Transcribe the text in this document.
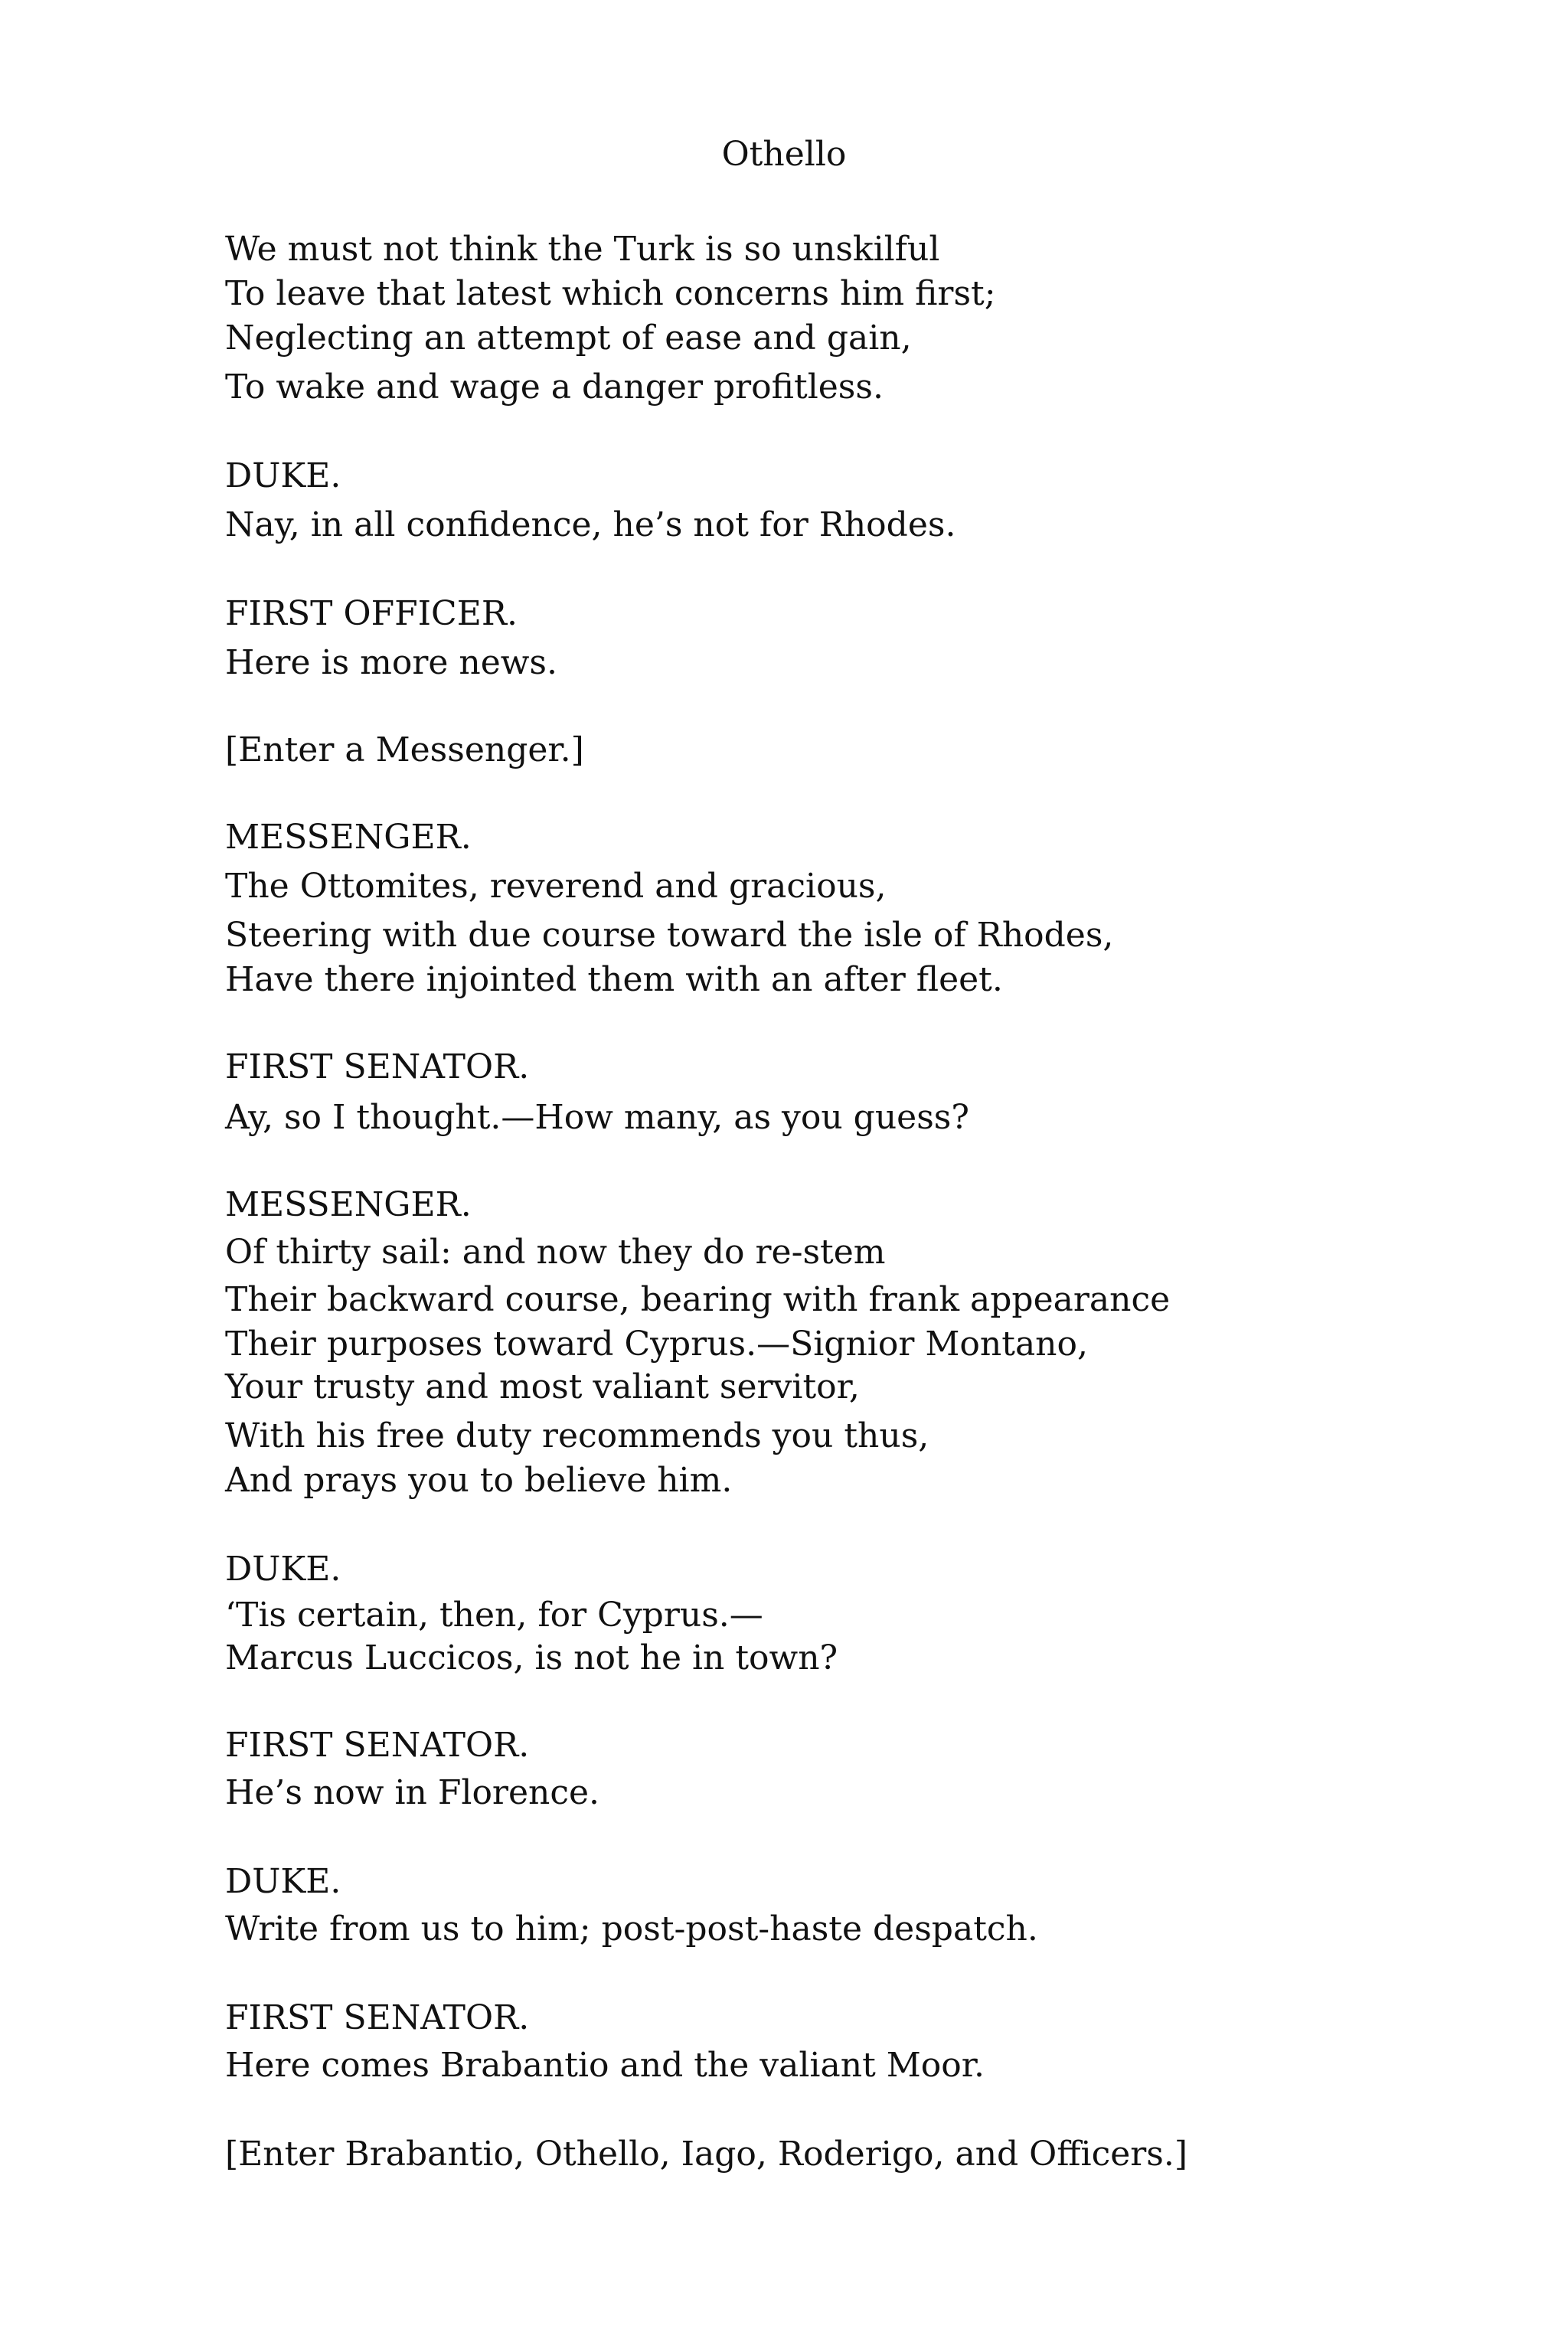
Othello
We must not think the Turk is so unskilful
To leave that latest which concerns him first;
Neglecting an attempt of ease and gain,
To wake and wage a danger profitless.
DUKE.
Nay, in all confidence, he’s not for Rhodes.
FIRST OFFICER.
Here is more news.
[Enter a Messenger.]
MESSENGER.
The Ottomites, reverend and gracious,
Steering with due course toward the isle of Rhodes,
Have there injointed them with an after fleet.
FIRST SENATOR.
Ay, so I thought.—How many, as you guess?
MESSENGER.
Of thirty sail: and now they do re-stem
Their backward course, bearing with frank appearance
Their purposes toward Cyprus.—Signior Montano,
Your trusty and most valiant servitor,
With his free duty recommends you thus,
And prays you to believe him.
DUKE.
‘Tis certain, then, for Cyprus.—
Marcus Luccicos, is not he in town?
FIRST SENATOR.
He’s now in Florence.
DUKE.
Write from us to him; post-post-haste despatch.
FIRST SENATOR.
Here comes Brabantio and the valiant Moor.
[Enter Brabantio, Othello, Iago, Roderigo, and Officers.]
